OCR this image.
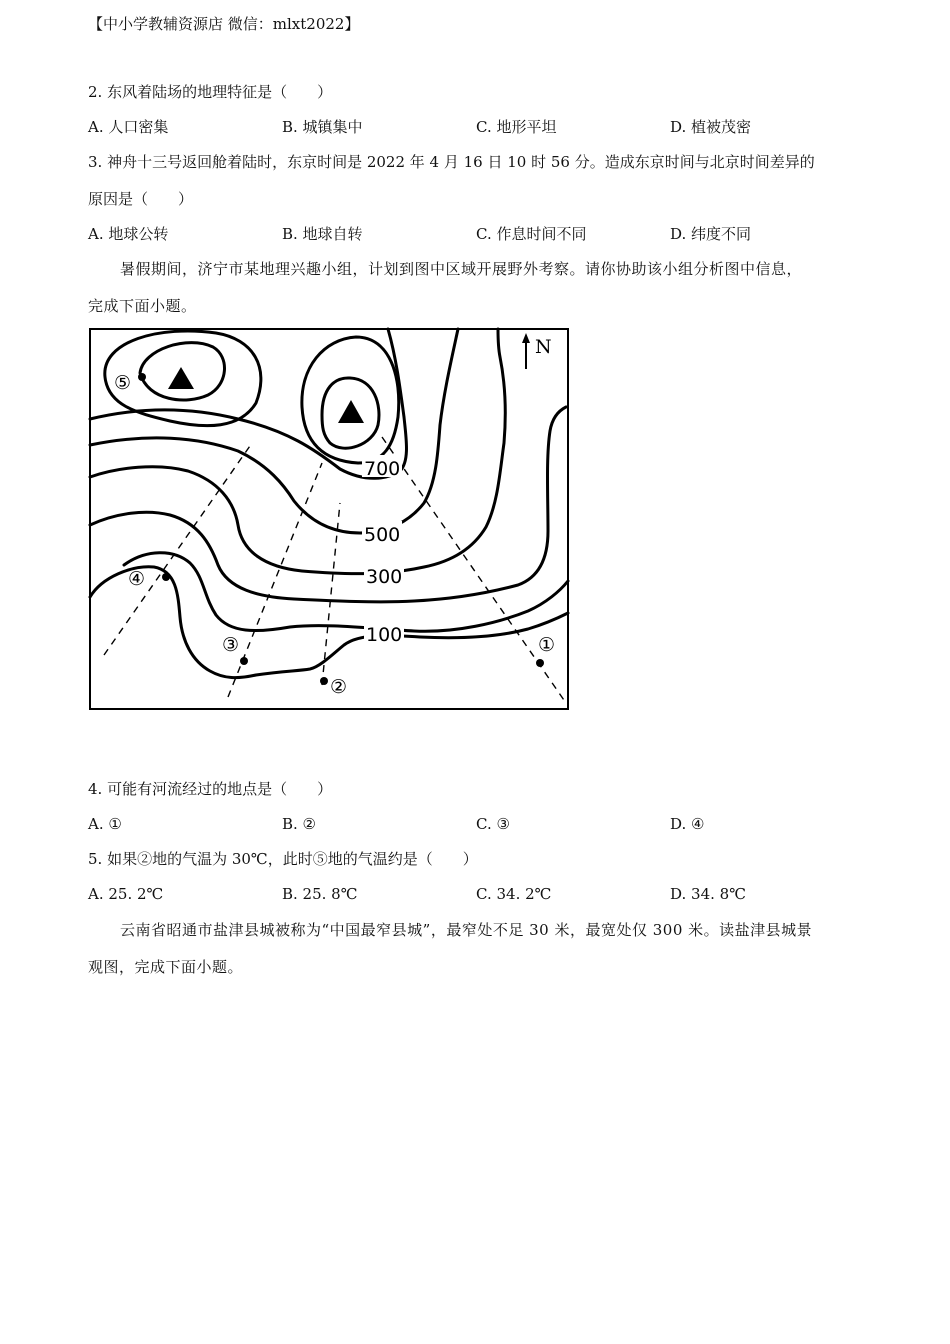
【中小学教辅资源店 微信：mlxt2022】
2. 东风着陆场的地理特征是（　　）
A. 人口密集	B. 城镇集中	C. 地形平坦	D. 植被茂密
3. 神舟十三号返回舱着陆时，东京时间是 2022 年 4 月 16 日 10 时 56 分。造成东京时间与北京时间差异的
原因是（　　）
A. 地球公转	B. 地球自转	C. 作息时间不同	D. 纬度不同
暑假期间，济宁市某地理兴趣小组，计划到图中区域开展野外考察。请你协助该小组分析图中信息，
完成下面小题。
N
700
500
300
100	①
②
③
④
⑤
4. 可能有河流经过的地点是（　　）
A. ①	B. ②	C. ③	D. ④
5. 如果②地的气温为 30℃，此时⑤地的气温约是（　　）
A. 25. 2℃	B. 25. 8℃	C. 34. 2℃	D. 34. 8℃
云南省昭通市盐津县城被称为“中国最窄县城”，最窄处不足 30 米，最宽处仅 300 米。读盐津县城景
观图，完成下面小题。
